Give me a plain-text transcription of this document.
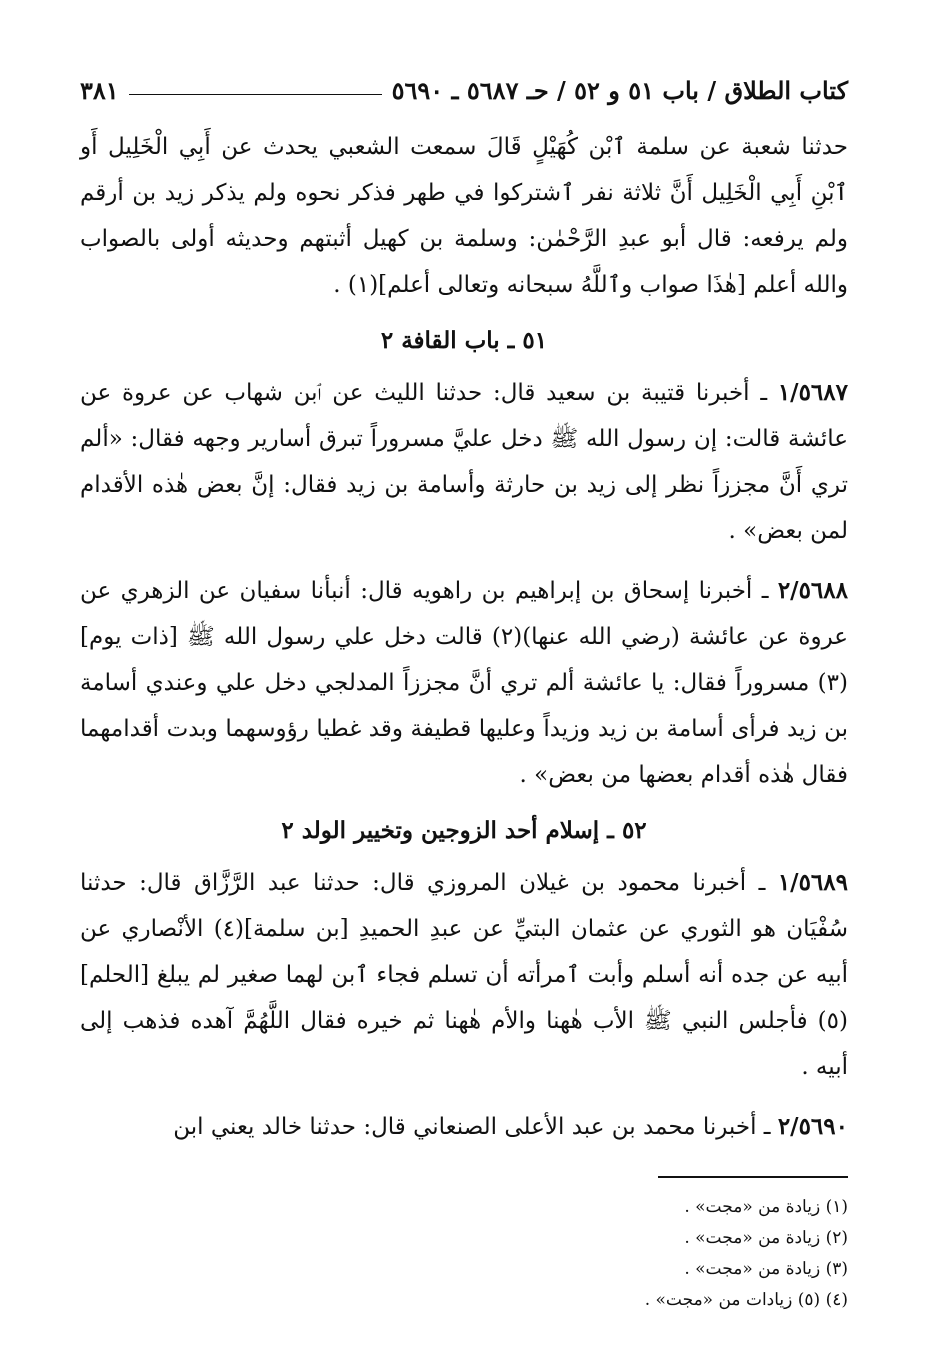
كتاب الطلاق / باب ٥١ و ٥٢ / حـ ٥٦٨٧ ـ ٥٦٩٠
٣٨١

حدثنا شعبة عن سلمة ٱبْن كُهَيْلٍ قَالَ سمعت الشعبي يحدث عن أَبِي الْخَلِيل أَو ٱبْنِ أَبِي الْخَلِيل أَنَّ ثلاثة نفر ٱشتركوا في طهر فذكر نحوه ولم يذكر زيد بن أرقم ولم يرفعه: قال أبو عبدِ الرَّحْمٰن: وسلمة بن كهيل أثبتهم وحديثه أولى بالصواب والله أعلم [هٰذَا صواب وٱللَّهُ سبحانه وتعالى أعلم](١) .

٥١ ـ باب القافة ٢

١/٥٦٨٧ ـ أخبرنا قتيبة بن سعيد قال: حدثنا الليث عن ٱبن شهاب عن عروة عن عائشة قالت: إن رسول الله ﷺ دخل عليَّ مسروراً تبرق أسارير وجهه فقال: «ألم تري أَنَّ مجززاً نظر إلى زيد بن حارثة وأسامة بن زيد فقال: إنَّ بعض هٰذه الأقدام لمن بعض» .

٢/٥٦٨٨ ـ أخبرنا إسحاق بن إبراهيم بن راهويه قال: أنبأنا سفيان عن الزهري عن عروة عن عائشة (رضي الله عنها)(٢) قالت دخل علي رسول الله ﷺ [ذات يوم](٣) مسروراً فقال: يا عائشة ألم تري أنَّ مجززاً المدلجي دخل علي وعندي أسامة بن زيد فرأى أسامة بن زيد وزيداً وعليها قطيفة وقد غطيا رؤوسهما وبدت أقدامهما فقال هٰذه أقدام بعضها من بعض» .

٥٢ ـ إسلام أحد الزوجين وتخيير الولد ٢

١/٥٦٨٩ ـ أخبرنا محمود بن غيلان المروزي قال: حدثنا عبد الرَّزَّاق قال: حدثنا سُفْيَان هو الثوري عن عثمان البتيِّ عن عبدِ الحميدِ [بن سلمة](٤) الأنْصاري عن أبيه عن جده أنه أسلم وأبت ٱمرأته أن تسلم فجاء ٱبن لهما صغير لم يبلغ [الحلم](٥) فأجلس النبي ﷺ الأب هٰهنا والأم هٰهنا ثم خيره فقال اللَّهُمَّ آهده فذهب إلى أبيه .

٢/٥٦٩٠ ـ أخبرنا محمد بن عبد الأعلى الصنعاني قال: حدثنا خالد يعني ابن

(١) زيادة من «مجت» .
(٢) زيادة من «مجت» .
(٣) زيادة من «مجت» .
(٤) (٥) زيادات من «مجت» .
